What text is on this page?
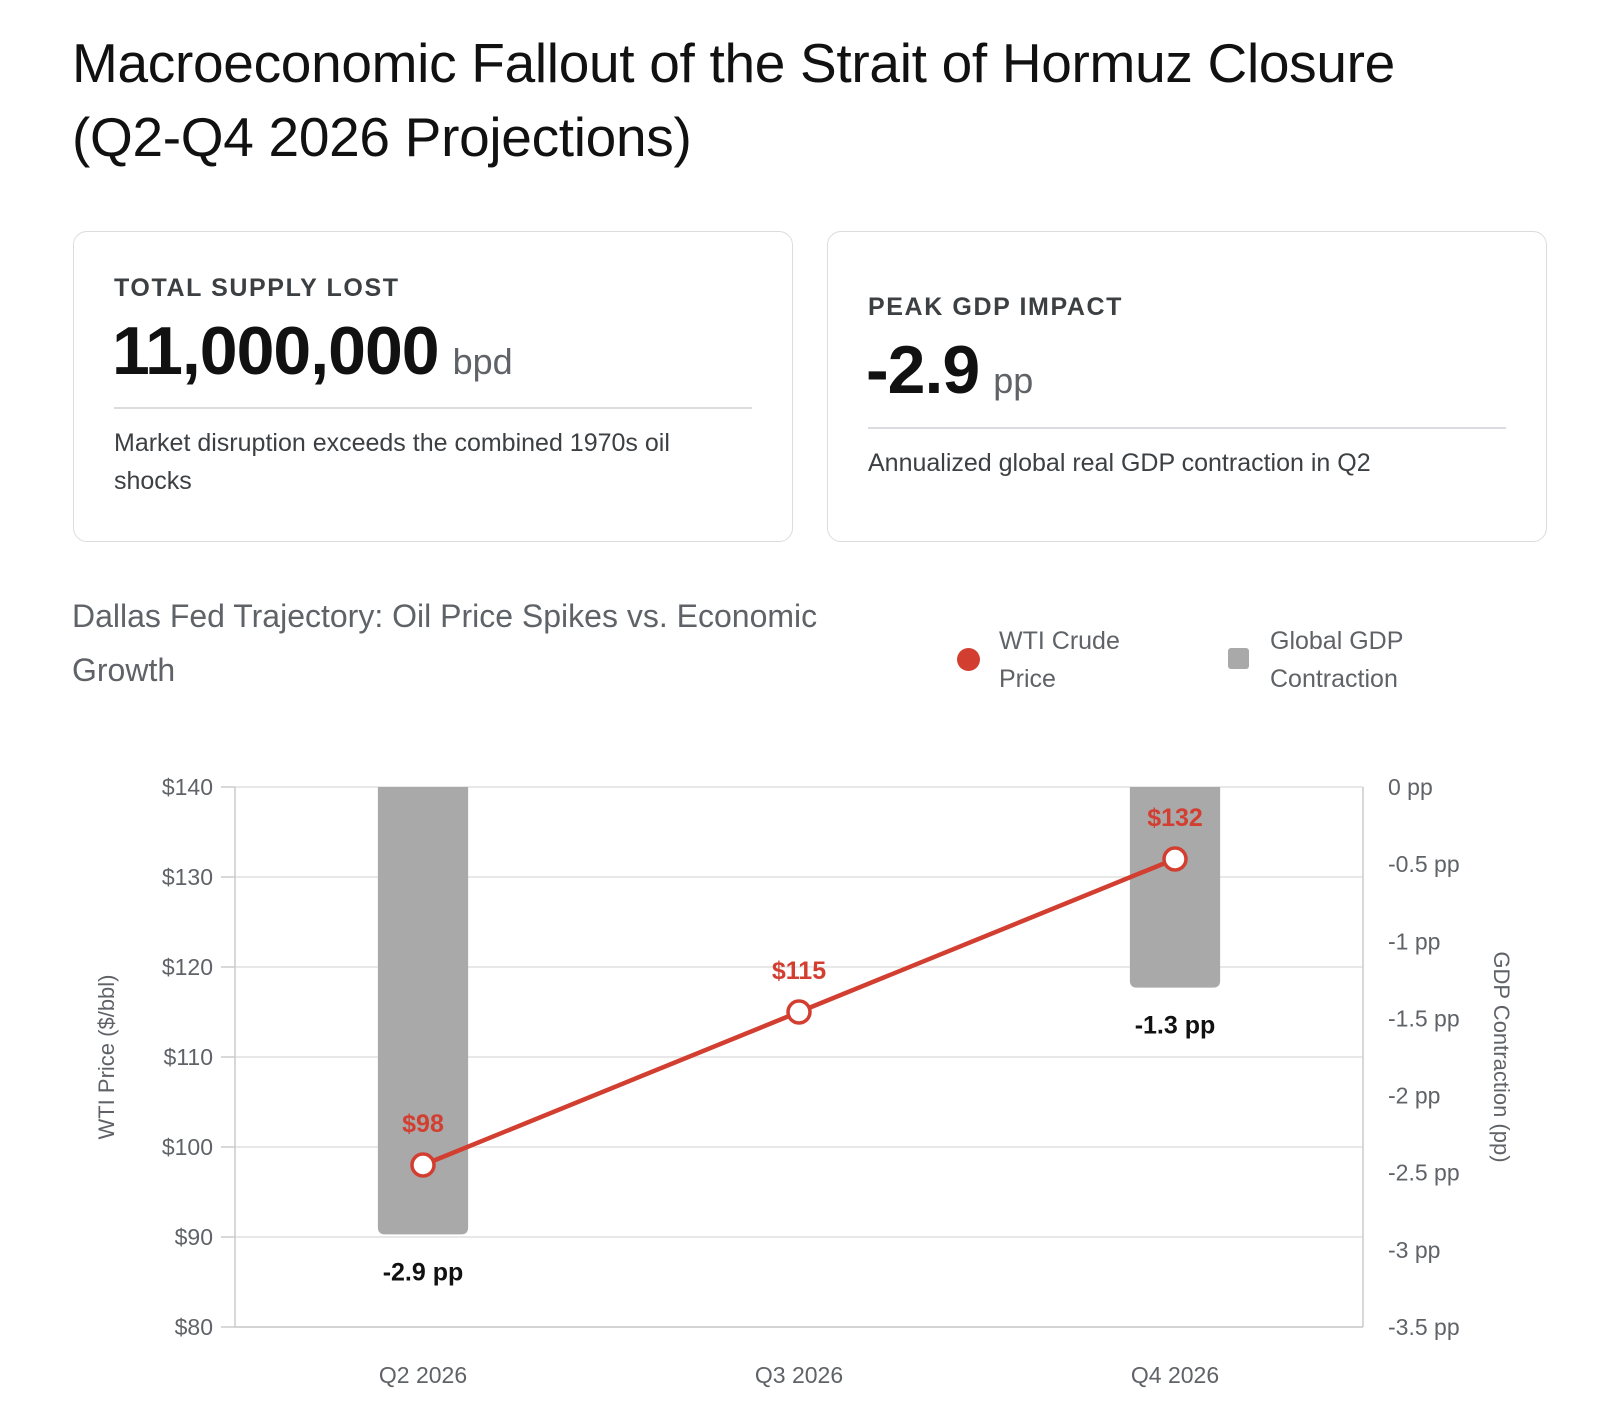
Macroeconomic Fallout of the Strait of Hormuz Closure
(Q2-Q4 2026 Projections)
TOTAL SUPPLY LOST
11,000,000 bpd
Market disruption exceeds the combined 1970s oil shocks
PEAK GDP IMPACT
-2.9 pp
Annualized global real GDP contraction in Q2
Dallas Fed Trajectory: Oil Price Spikes vs. Economic
Growth
WTI Crude
Price
Global GDP
Contraction
-2.9 pp
-1.3 pp
$98
$115
$132
$140
$130
$120
$110
$100
$90
$80
0 pp
-0.5 pp
-1 pp
-1.5 pp
-2 pp
-2.5 pp
-3 pp
-3.5 pp
Q2 2026	Q3 2026	Q4 2026
WTI Price ($/bbl)	GDP Contraction (pp)
